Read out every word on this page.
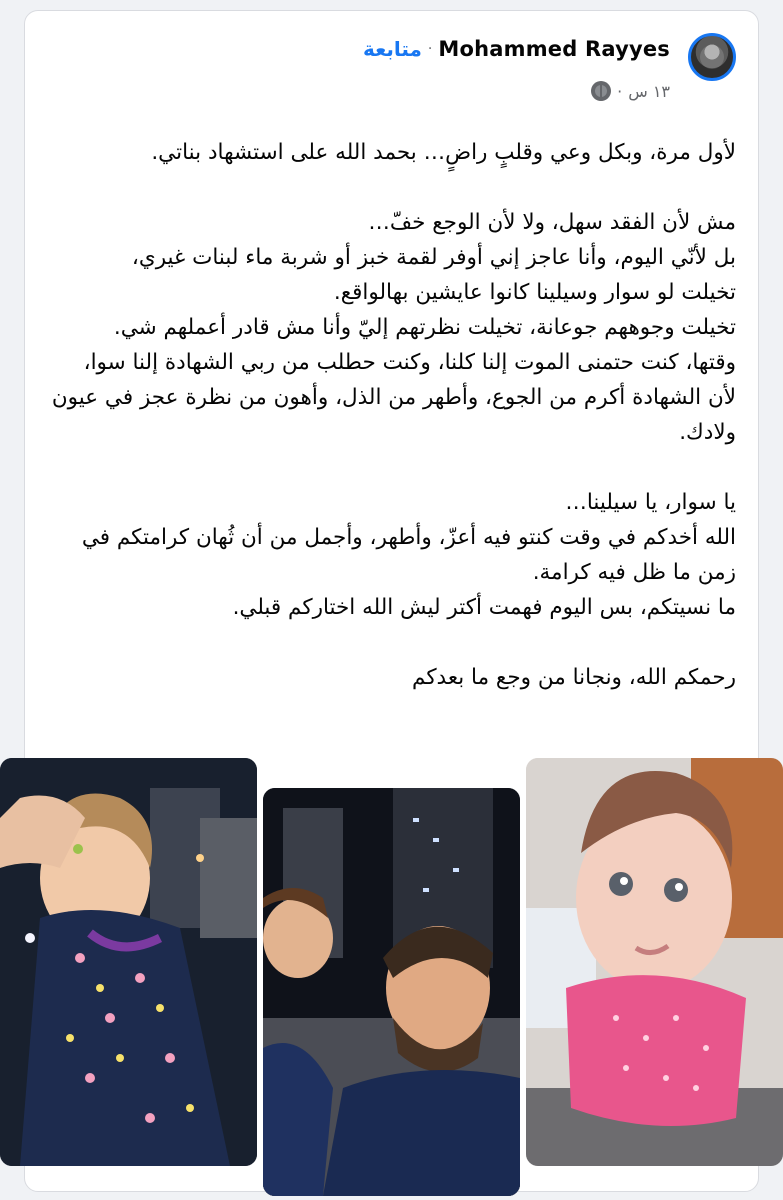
متابعة · Mohammed Rayyes
· ١٣ س
لأول مرة، وبكل وعي وقلبٍ راضٍ… بحمد الله على استشهاد بناتي.
مش لأن الفقد سهل، ولا لأن الوجع خفّ…
بل لأنّي اليوم، وأنا عاجز إني أوفر لقمة خبز أو شربة ماء لبنات غيري،
تخيلت لو سوار وسيلينا كانوا عايشين بهالواقع.
تخيلت وجوههم جوعانة، تخيلت نظرتهم إليّ وأنا مش قادر أعملهم شي.
وقتها، كنت حتمنى الموت إلنا كلنا، وكنت حطلب من ربي الشهادة إلنا سوا،
لأن الشهادة أكرم من الجوع، وأطهر من الذل، وأهون من نظرة عجز في عيون ولادك.
يا سوار، يا سيلينا…
الله أخدكم في وقت كنتو فيه أعزّ، وأطهر، وأجمل من أن ثُهان كرامتكم في زمن ما ظل فيه كرامة.
ما نسيتكم، بس اليوم فهمت أكتر ليش الله اختاركم قبلي.
رحمكم الله، ونجانا من وجع ما بعدكم
